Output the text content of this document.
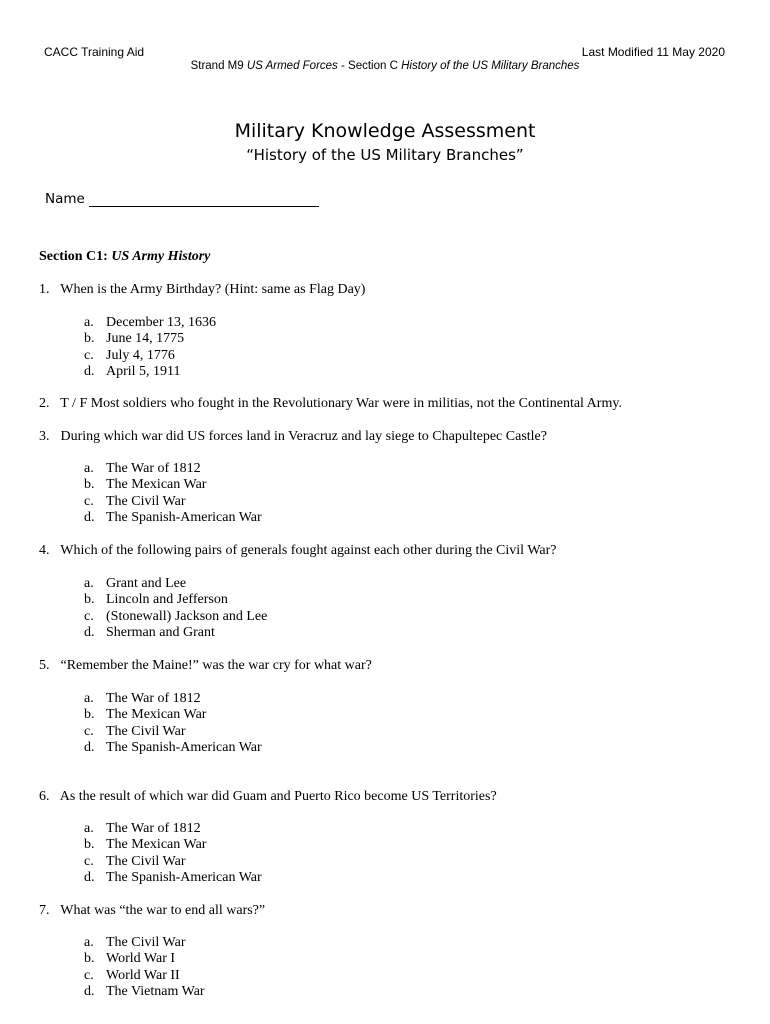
CACC Training Aid	Last Modified 11 May 2020
Strand M9 US Armed Forces - Section C History of the US Military Branches
Military Knowledge Assessment
“History of the US Military Branches”
Name
Section C1: US Army History
1. When is the Army Birthday? (Hint: same as Flag Day)
a. December 13, 1636
b. June 14, 1775
c. July 4, 1776
d. April 5, 1911
2. T / F Most soldiers who fought in the Revolutionary War were in militias, not the Continental Army.
3. During which war did US forces land in Veracruz and lay siege to Chapultepec Castle?
a. The War of 1812
b. The Mexican War
c. The Civil War
d. The Spanish-American War
4. Which of the following pairs of generals fought against each other during the Civil War?
a. Grant and Lee
b. Lincoln and Jefferson
c. (Stonewall) Jackson and Lee
d. Sherman and Grant
5. “Remember the Maine!” was the war cry for what war?
a. The War of 1812
b. The Mexican War
c. The Civil War
d. The Spanish-American War
6. As the result of which war did Guam and Puerto Rico become US Territories?
a. The War of 1812
b. The Mexican War
c. The Civil War
d. The Spanish-American War
7. What was “the war to end all wars?”
a. The Civil War
b. World War I
c. World War II
d. The Vietnam War
